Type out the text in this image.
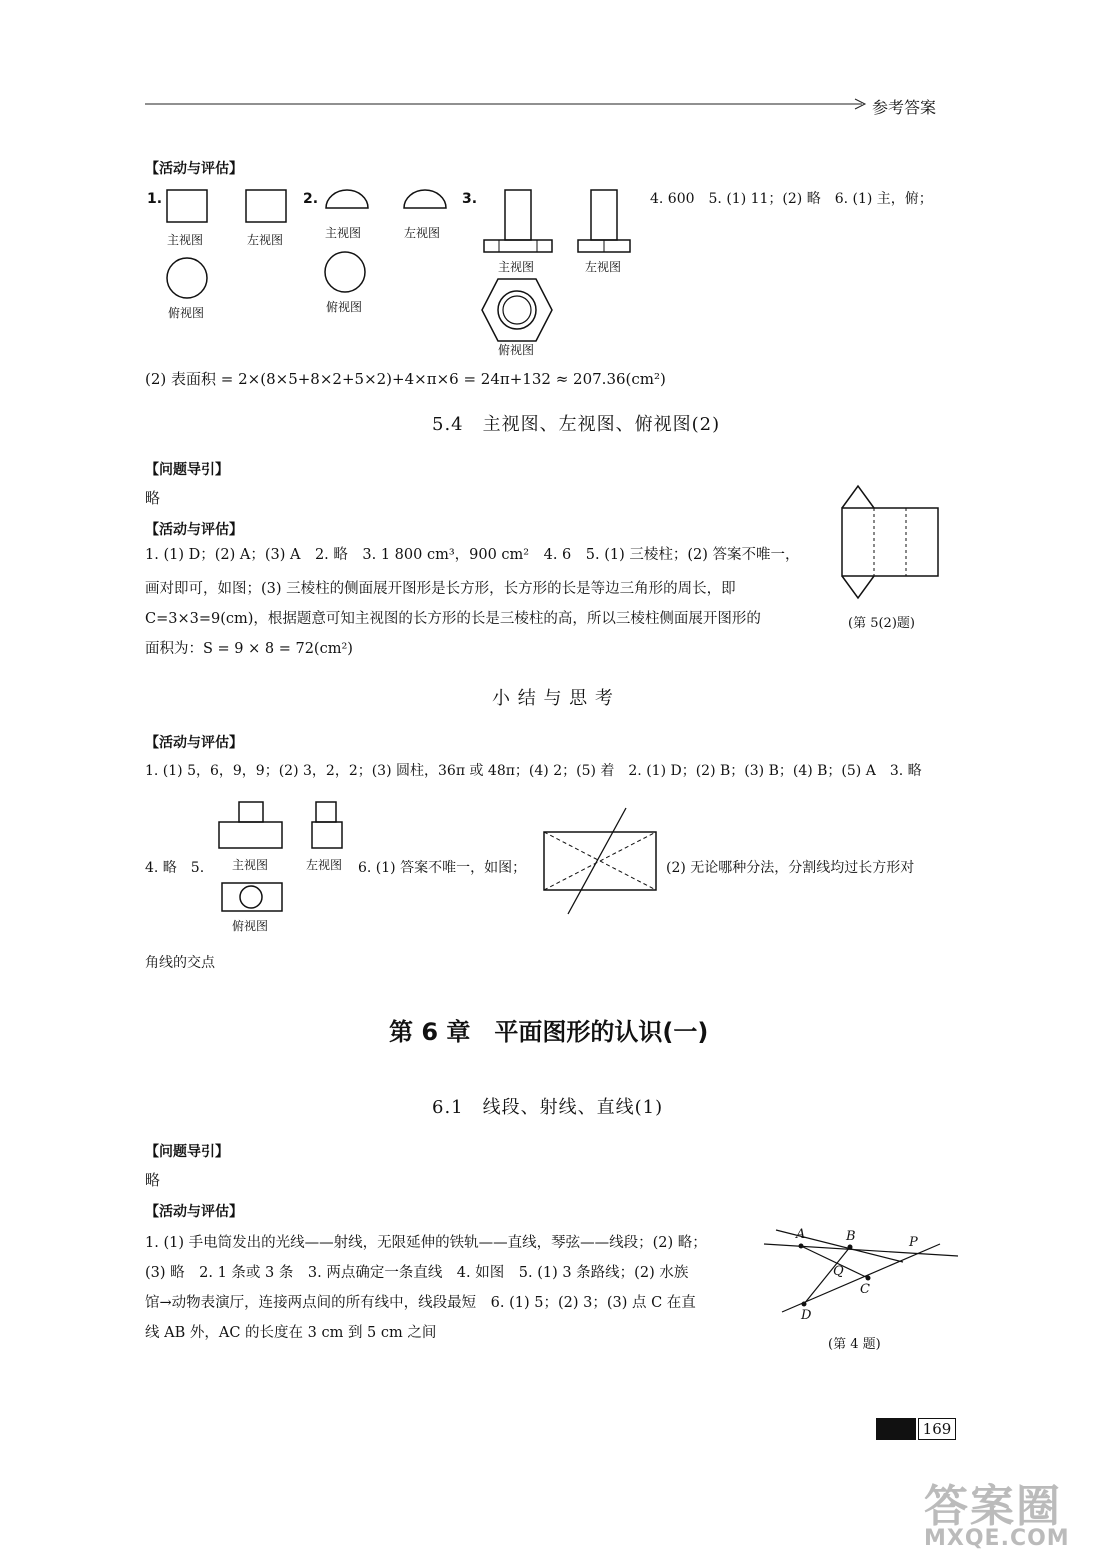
参考答案
【活动与评估】
1.	2.	3.
主视图	左视图
俯视图
主视图	左视图
俯视图
主视图	左视图
俯视图
4. 600　5. (1) 11；(2) 略　6. (1) 主，俯；
(2) 表面积 = 2×(8×5+8×2+5×2)+4×π×6 = 24π+132 ≈ 207.36(cm²)
5.4　主视图、左视图、俯视图(2)
【问题导引】
略
【活动与评估】
1. (1) D；(2) A；(3) A　2. 略　3. 1 800 cm³，900 cm²　4. 6　5. (1) 三棱柱；(2) 答案不唯一，
画对即可，如图；(3) 三棱柱的侧面展开图形是长方形，长方形的长是等边三角形的周长，即
C=3×3=9(cm)，根据题意可知主视图的长方形的长是三棱柱的高，所以三棱柱侧面展开图形的
面积为：S = 9 × 8 = 72(cm²)
(第 5(2)题)
小 结 与 思 考
【活动与评估】
1. (1) 5，6，9，9；(2) 3，2，2；(3) 圆柱，36π 或 48π；(4) 2；(5) 着　2. (1) D；(2) B；(3) B；(4) B；(5) A　3. 略
主视图	左视图
俯视图
4. 略　5.	6. (1) 答案不唯一，如图；	(2) 无论哪种分法，分割线均过长方形对
角线的交点
第 6 章　平面图形的认识(一)
6.1　线段、射线、直线(1)
【问题导引】
略
【活动与评估】
1. (1) 手电筒发出的光线——射线，无限延伸的铁轨——直线，琴弦——线段；(2) 略；
(3) 略　2. 1 条或 3 条　3. 两点确定一条直线　4. 如图　5. (1) 3 条路线；(2) 水族
馆→动物表演厅，连接两点间的所有线中，线段最短　6. (1) 5；(2) 3；(3) 点 C 在直
线 AB 外，AC 的长度在 3 cm 到 5 cm 之间
A	B	P
Q
C
D
(第 4 题)
169
答案圈
MXQE.COM
